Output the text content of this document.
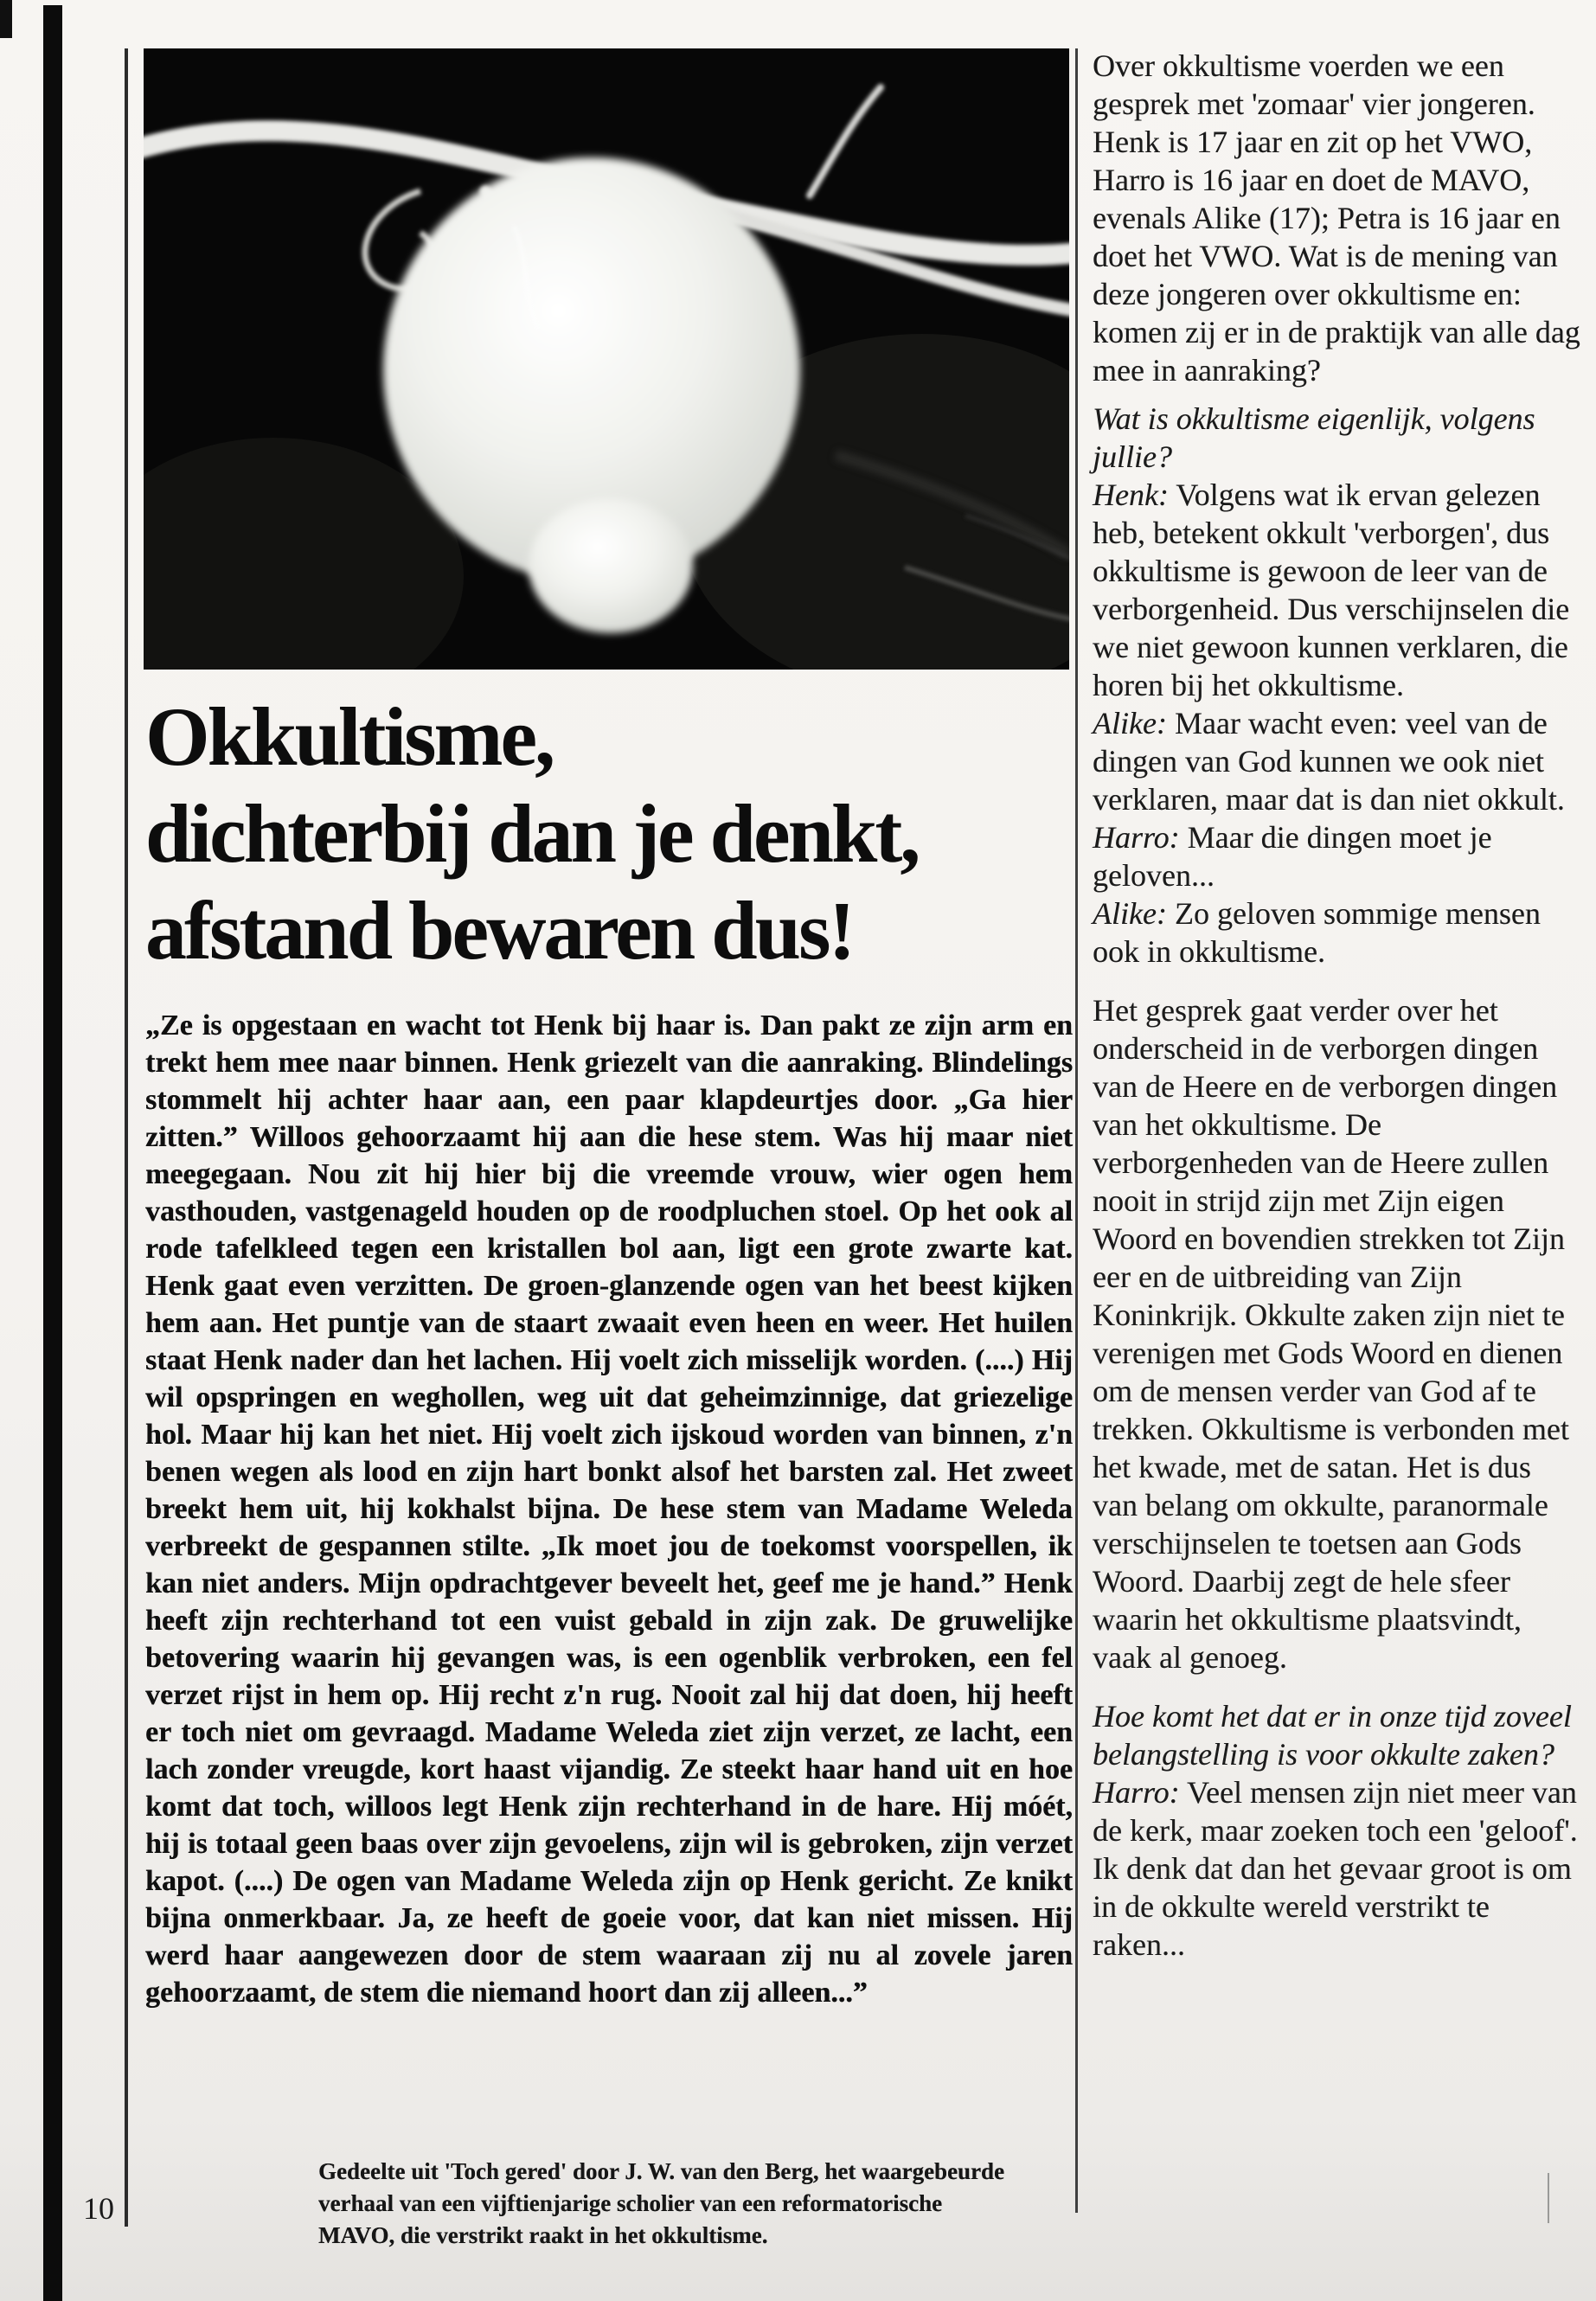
Okkultisme,
dichterbij dan je denkt,
afstand bewaren dus!
„Ze is opgestaan en wacht tot Henk bij haar is. Dan pakt ze zijn arm en trekt hem mee naar binnen. Henk griezelt van die aanraking. Blindelings stommelt hij achter haar aan, een paar klapdeurtjes door. „Ga hier zitten.” Willoos gehoorzaamt hij aan die hese stem. Was hij maar niet meegegaan. Nou zit hij hier bij die vreemde vrouw, wier ogen hem vasthouden, vastgenageld houden op de roodpluchen stoel. Op het ook al rode tafelkleed tegen een kristallen bol aan, ligt een grote zwarte kat. Henk gaat even verzitten. De groen-glanzende ogen van het beest kijken hem aan. Het puntje van de staart zwaait even heen en weer. Het huilen staat Henk nader dan het lachen. Hij voelt zich misselijk worden. (....) Hij wil opspringen en weghollen, weg uit dat geheimzinnige, dat griezelige hol. Maar hij kan het niet. Hij voelt zich ijskoud worden van binnen, z'n benen wegen als lood en zijn hart bonkt alsof het barsten zal. Het zweet breekt hem uit, hij kokhalst bijna. De hese stem van Madame Weleda verbreekt de gespannen stilte. „Ik moet jou de toekomst voorspellen, ik kan niet anders. Mijn opdrachtgever beveelt het, geef me je hand.” Henk heeft zijn rechterhand tot een vuist gebald in zijn zak. De gruwelijke betovering waarin hij gevangen was, is een ogenblik verbroken, een fel verzet rijst in hem op. Hij recht z'n rug. Nooit zal hij dat doen, hij heeft er toch niet om gevraagd. Madame Weleda ziet zijn verzet, ze lacht, een lach zonder vreugde, kort haast vijandig. Ze steekt haar hand uit en hoe komt dat toch, willoos legt Henk zijn rechterhand in de hare. Hij móét, hij is totaal geen baas over zijn gevoelens, zijn wil is gebroken, zijn verzet kapot. (....) De ogen van Madame Weleda zijn op Henk gericht. Ze knikt bijna onmerkbaar. Ja, ze heeft de goeie voor, dat kan niet missen. Hij werd haar aangewezen door de stem waaraan zij nu al zovele jaren gehoorzaamt, de stem die niemand hoort dan zij alleen...”
Gedeelte uit 'Toch gered' door J. W. van den Berg, het waargebeurde verhaal van een vijftienjarige scholier van een reformatorische MAVO, die verstrikt raakt in het okkultisme.
10

Over okkultisme voerden we een gesprek met 'zomaar' vier jongeren. Henk is 17 jaar en zit op het VWO, Harro is 16 jaar en doet de MAVO, evenals Alike (17); Petra is 16 jaar en doet het VWO. Wat is de mening van deze jongeren over okkultisme en: komen zij er in de praktijk van alle dag mee in aanraking?

Wat is okkultisme eigenlijk, volgens jullie?

Henk: Volgens wat ik ervan gelezen heb, betekent okkult 'verborgen', dus okkultisme is gewoon de leer van de verborgenheid. Dus verschijnselen die we niet gewoon kunnen verklaren, die horen bij het okkultisme.

Alike: Maar wacht even: veel van de dingen van God kunnen we ook niet verklaren, maar dat is dan niet okkult.

Harro: Maar die dingen moet je geloven...

Alike: Zo geloven sommige mensen ook in okkultisme.

Het gesprek gaat verder over het onderscheid in de verborgen dingen van de Heere en de verborgen dingen van het okkultisme. De verborgenheden van de Heere zullen nooit in strijd zijn met Zijn eigen Woord en bovendien strekken tot Zijn eer en de uitbreiding van Zijn Koninkrijk. Okkulte zaken zijn niet te verenigen met Gods Woord en dienen om de mensen verder van God af te trekken. Okkultisme is verbonden met het kwade, met de satan. Het is dus van belang om okkulte, paranormale verschijnselen te toetsen aan Gods Woord. Daarbij zegt de hele sfeer waarin het okkultisme plaatsvindt, vaak al genoeg.

Hoe komt het dat er in onze tijd zoveel belangstelling is voor okkulte zaken?

Harro: Veel mensen zijn niet meer van de kerk, maar zoeken toch een 'geloof'. Ik denk dat dan het gevaar groot is om in de okkulte wereld verstrikt te raken...
